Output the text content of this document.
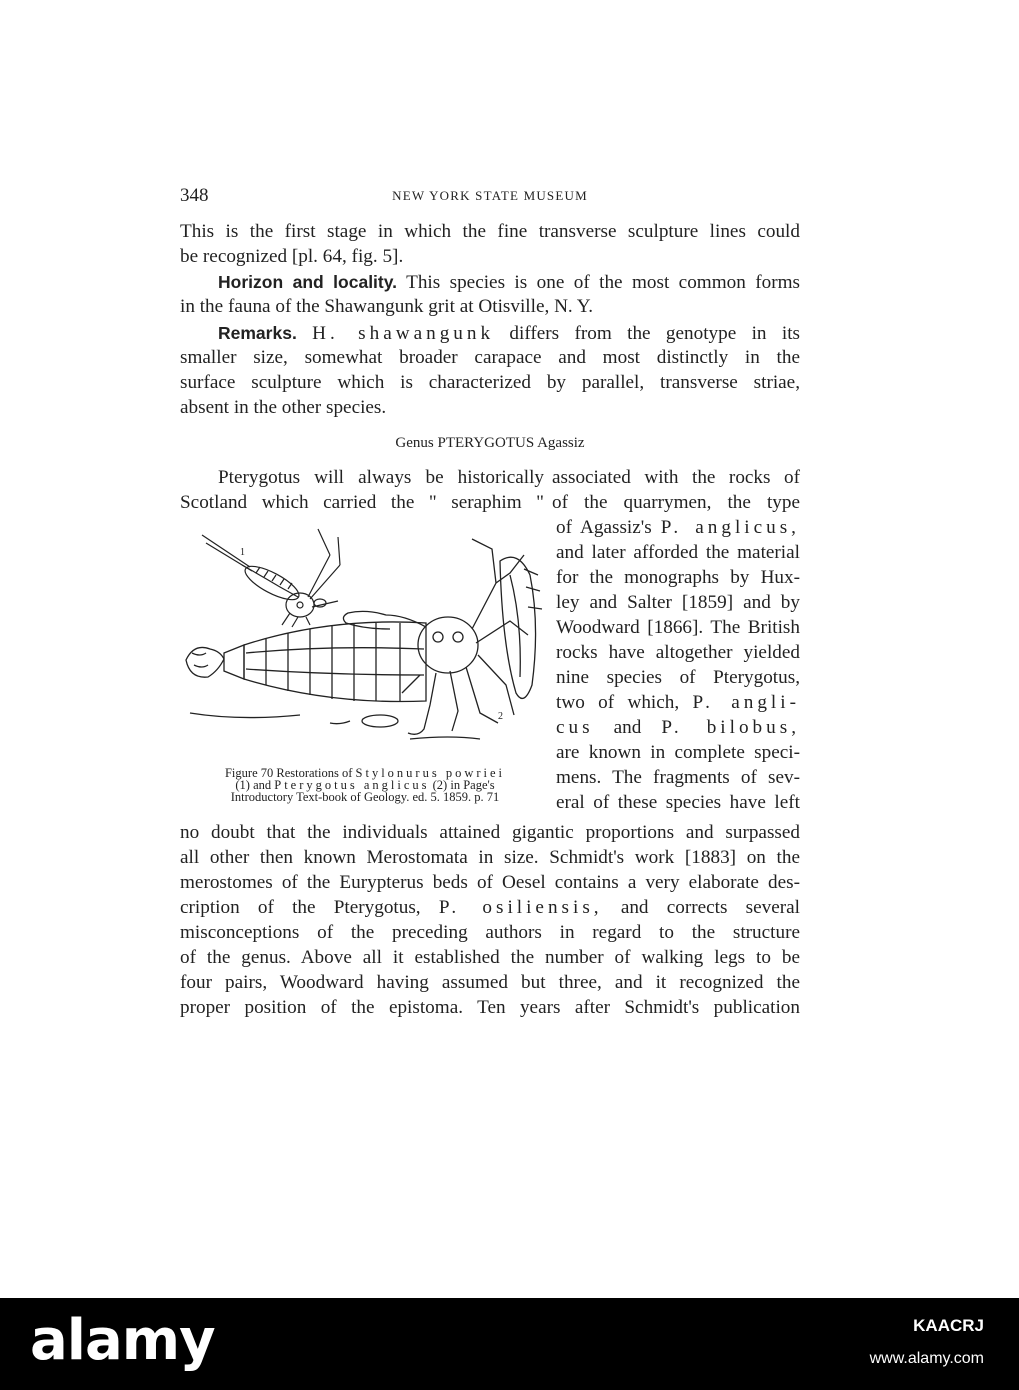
348	NEW YORK STATE MUSEUM
This is the first stage in which the fine transverse sculpture lines could
be recognized [pl. 64, fig. 5].
Horizon and locality. This species is one of the most common forms
in the fauna of the Shawangunk grit at Otisville, N. Y.
Remarks. H. shawangunk differs from the genotype in its
smaller size, somewhat broader carapace and most distinctly in the
surface sculpture which is characterized by parallel, transverse striae,
absent in the other species.
Genus PTERYGOTUS Agassiz
Pterygotus will always be historically associated with the rocks of
Scotland which carried the " seraphim " of the quarrymen, the type
of Agassiz's P. anglicus,
and later afforded the material
for the monographs by Hux-
ley and Salter [1859] and by
Woodward [1866]. The British
rocks have altogether yielded
nine species of Pterygotus,
two of which, P. angli-
cus and P. bilobus,
are known in complete speci-
mens. The fragments of sev-
eral of these species have left
1
2
Figure 70 Restorations of Stylonurus powriei
(1) and Pterygotus anglicus (2) in Page's
Introductory Text-book of Geology. ed. 5. 1859. p. 71
no doubt that the individuals attained gigantic proportions and surpassed
all other then known Merostomata in size. Schmidt's work [1883] on the
merostomes of the Eurypterus beds of Oesel contains a very elaborate des-
cription of the Pterygotus, P. osiliensis, and corrects several
misconceptions of the preceding authors in regard to the structure
of the genus. Above all it established the number of walking legs to be
four pairs, Woodward having assumed but three, and it recognized the
proper position of the epistoma. Ten years after Schmidt's publication
alamy	KAACRJ
www.alamy.com
